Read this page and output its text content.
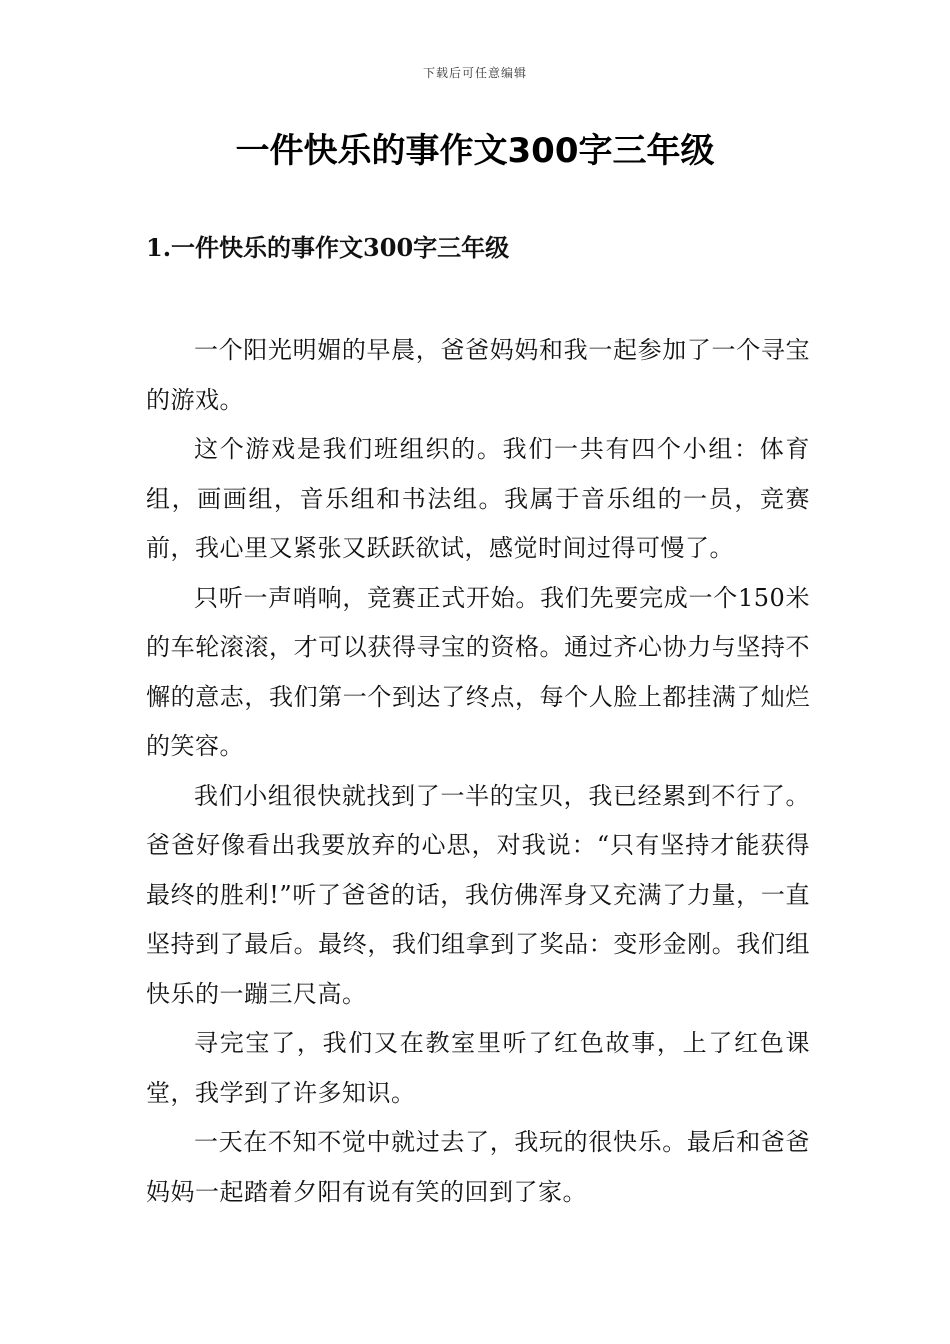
下载后可任意编辑
一件快乐的事作文300字三年级
1.一件快乐的事作文300字三年级

一个阳光明媚的早晨，爸爸妈妈和我一起参加了一个寻宝的游戏。

这个游戏是我们班组织的。我们一共有四个小组：体育组，画画组，音乐组和书法组。我属于音乐组的一员，竞赛前，我心里又紧张又跃跃欲试，感觉时间过得可慢了。

只听一声哨响，竞赛正式开始。我们先要完成一个150米的车轮滚滚，才可以获得寻宝的资格。通过齐心协力与坚持不懈的意志，我们第一个到达了终点，每个人脸上都挂满了灿烂的笑容。

我们小组很快就找到了一半的宝贝，我已经累到不行了。爸爸好像看出我要放弃的心思，对我说：“只有坚持才能获得最终的胜利!”听了爸爸的话，我仿佛浑身又充满了力量，一直坚持到了最后。最终，我们组拿到了奖品：变形金刚。我们组快乐的一蹦三尺高。

寻完宝了，我们又在教室里听了红色故事，上了红色课堂，我学到了许多知识。

一天在不知不觉中就过去了，我玩的很快乐。最后和爸爸妈妈一起踏着夕阳有说有笑的回到了家。
